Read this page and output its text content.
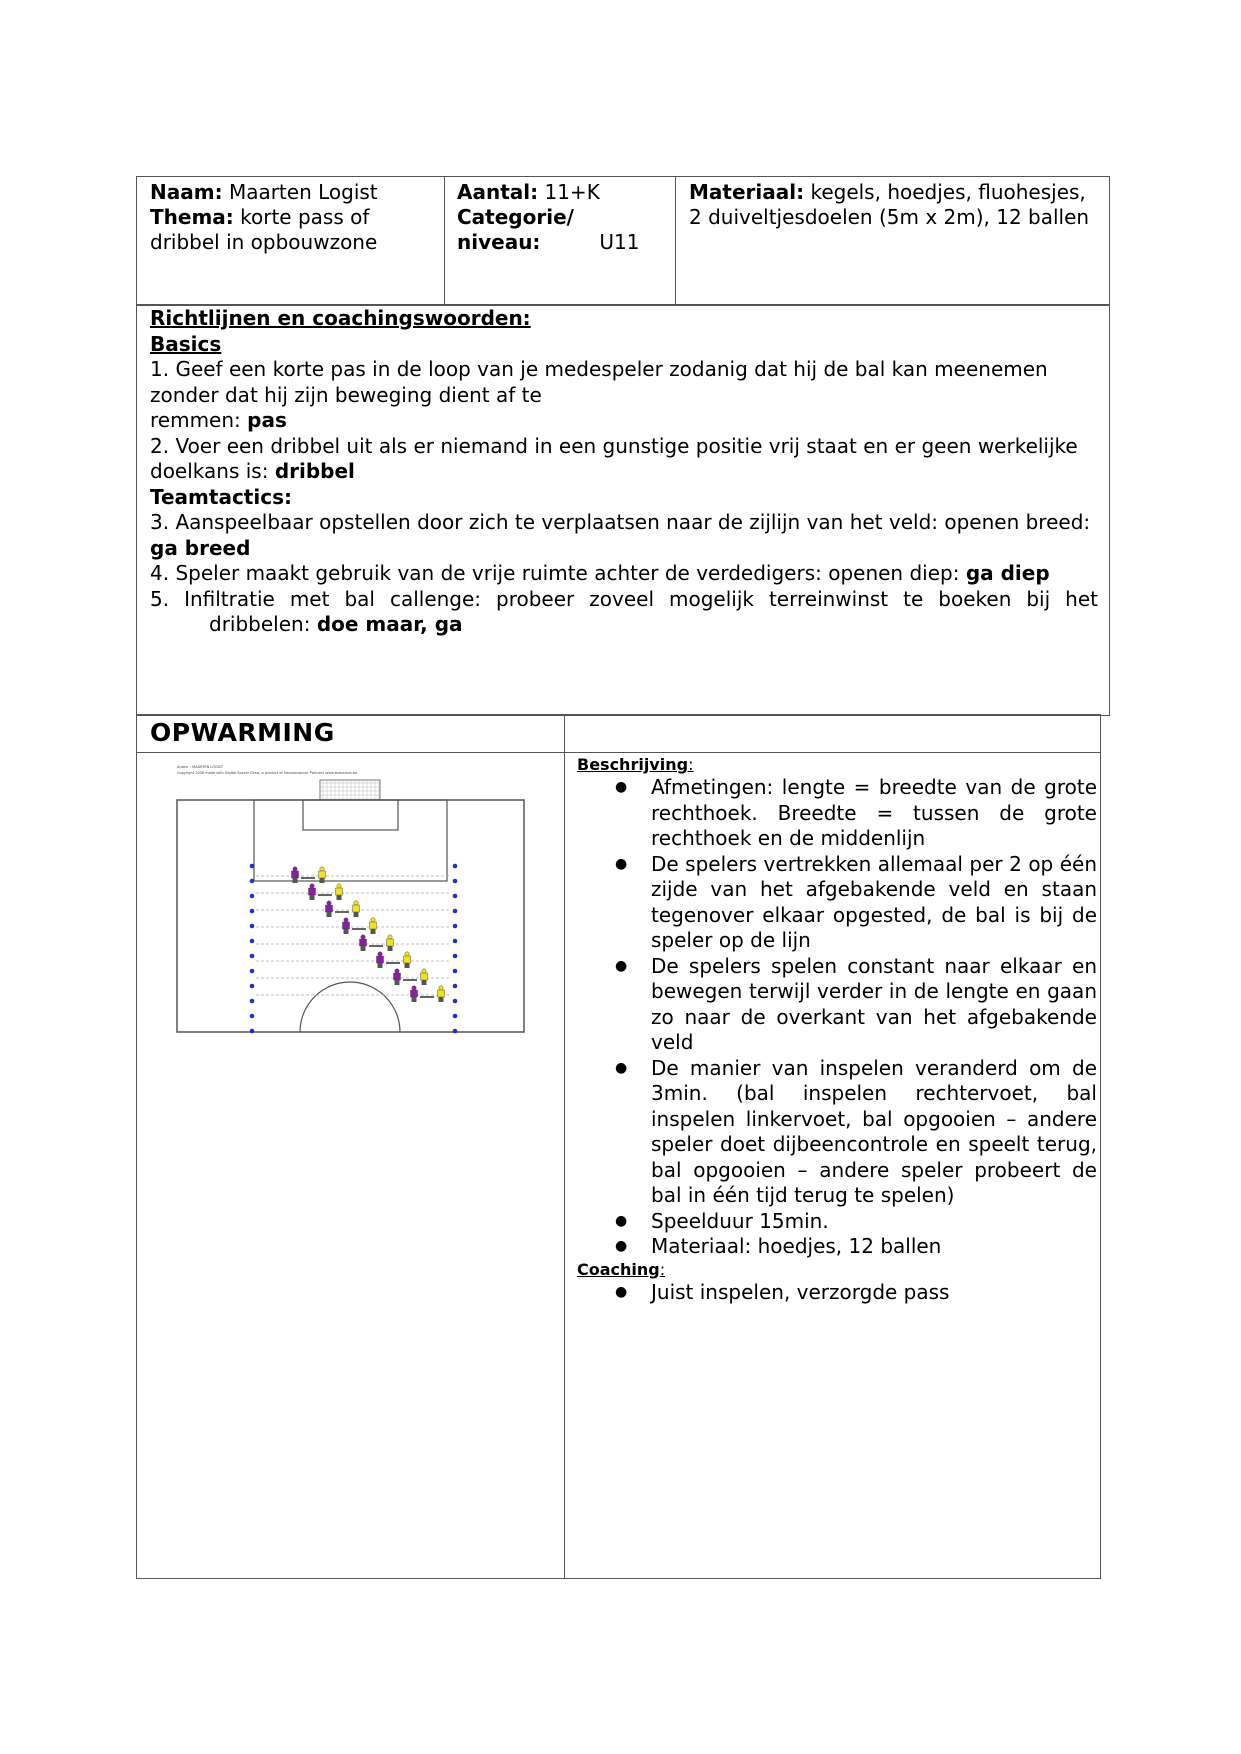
Naam: Maarten Logist
Thema: korte pass of dribbel in opbouwzone
Aantal: 11+K
Categorie/ niveau:	U11
Materiaal: kegels, hoedjes, fluohesjes, 2 duiveltjesdoelen (5m x 2m), 12 ballen

Richtlijnen en coachingswoorden:

Basics

1. Geef een korte pas in de loop van je medespeler zodanig dat hij de bal kan meenemen

zonder dat hij zijn beweging dient af te

remmen: pas

2. Voer een dribbel uit als er niemand in een gunstige positie vrij staat en er geen werkelijke doelkans is: dribbel

Teamtactics:

3. Aanspeelbaar opstellen door zich te verplaatsen naar de zijlijn van het veld: openen breed: ga breed

4. Speler maakt gebruik van de vrije ruimte achter de verdedigers: openen diep: ga diep

5. Infiltratie met bal callenge: probeer zoveel mogelijk terreinwinst te boeken bij het

dribbelen: doe maar, ga

OPWARMING
Auteur : MAARTEN LOGIST
Copyright 2008 made with Digital Soccer Draw, a product of Sessionsoccer Partners www.bsessions.be	Beschrijving:
● Afmetingen: lengte = breedte van de grote rechthoek. Breedte = tussen de grote rechthoek en de middenlijn
● De spelers vertrekken allemaal per 2 op één zijde van het afgebakende veld en staan tegenover elkaar opgested, de bal is bij de speler op de lijn
● De spelers spelen constant naar elkaar en bewegen terwijl verder in de lengte en gaan zo naar de overkant van het afgebakende veld
● De manier van inspelen veranderd om de 3min. (bal inspelen rechtervoet, bal inspelen linkervoet, bal opgooien – andere speler doet dijbeencontrole en speelt terug, bal opgooien – andere speler probeert de bal in één tijd terug te spelen)
● Speelduur 15min.
● Materiaal: hoedjes, 12 ballen
Coaching:
● Juist inspelen, verzorgde pass
